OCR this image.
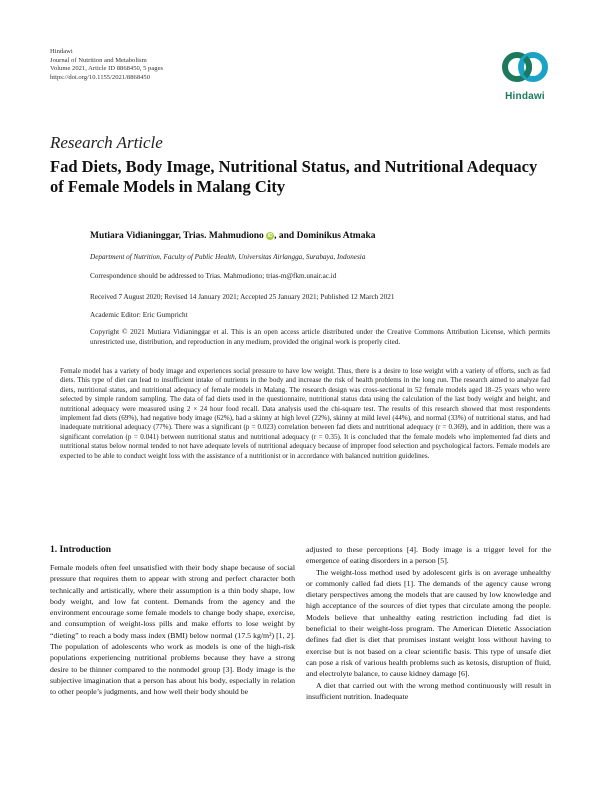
Hindawi
Journal of Nutrition and Metabolism
Volume 2021, Article ID 8868450, 5 pages
https://doi.org/10.1155/2021/8868450
Hindawi
Research Article
Fad Diets, Body Image, Nutritional Status, and Nutritional Adequacy of Female Models in Malang City
Mutiara Vidianinggar, Trias. Mahmudiono iD , and Dominikus Atmaka
Department of Nutrition, Faculty of Public Health, Universitas Airlangga, Surabaya, Indonesia
Correspondence should be addressed to Trias. Mahmudiono; trias-m@fkm.unair.ac.id
Received 7 August 2020; Revised 14 January 2021; Accepted 25 January 2021; Published 12 March 2021
Academic Editor: Eric Gumpricht
Copyright © 2021 Mutiara Vidianinggar et al. This is an open access article distributed under the Creative Commons Attribution License, which permits unrestricted use, distribution, and reproduction in any medium, provided the original work is properly cited.
Female model has a variety of body image and experiences social pressure to have low weight. Thus, there is a desire to lose weight with a variety of efforts, such as fad diets. This type of diet can lead to insufficient intake of nutrients in the body and increase the risk of health problems in the long run. The research aimed to analyze fad diets, nutritional status, and nutritional adequacy of female models in Malang. The research design was cross-sectional in 52 female models aged 18–25 years who were selected by simple random sampling. The data of fad diets used in the questionnaire, nutritional status data using the calculation of the last body weight and height, and nutritional adequacy were measured using 2 × 24 hour food recall. Data analysis used the chi-square test. The results of this research showed that most respondents implement fad diets (69%), had negative body image (62%), had a skinny at high level (22%), skinny at mild level (44%), and normal (33%) of nutritional status, and had inadequate nutritional adequacy (77%). There was a significant (p = 0.023) correlation between fad diets and nutritional adequacy (r = 0.369), and in addition, there was a significant correlation (p = 0.041) between nutritional status and nutritional adequacy (r = 0.35). It is concluded that the female models who implemented fad diets and nutritional status below normal tended to not have adequate levels of nutritional adequacy because of improper food selection and psychological factors. Female models are expected to be able to conduct weight loss with the assistance of a nutritionist or in accordance with balanced nutrition guidelines.
1. Introduction

Female models often feel unsatisfied with their body shape because of social pressure that requires them to appear with strong and perfect character both technically and artistically, where their assumption is a thin body shape, low body weight, and low fat content. Demands from the agency and the environment encourage some female models to change body shape, exercise, and consumption of weight-loss pills and make efforts to lose weight by “dieting” to reach a body mass index (BMI) below normal (17.5 kg/m²) [1, 2]. The population of adolescents who work as models is one of the high-risk populations experiencing nutritional problems because they have a strong desire to be thinner compared to the nonmodel group [3]. Body image is the subjective imagination that a person has about his body, especially in relation to other people’s judgments, and how well their body should be

adjusted to these perceptions [4]. Body image is a trigger level for the emergence of eating disorders in a person [5].

The weight-loss method used by adolescent girls is on average unhealthy or commonly called fad diets [1]. The demands of the agency cause wrong dietary perspectives among the models that are caused by low knowledge and high acceptance of the sources of diet types that circulate among the people. Models believe that unhealthy eating restriction including fad diet is beneficial to their weight-loss program. The American Dietetic Association defines fad diet is diet that promises instant weight loss without having to exercise but is not based on a clear scientific basis. This type of unsafe diet can pose a risk of various health problems such as ketosis, disruption of fluid, and electrolyte balance, to cause kidney damage [6].

A diet that carried out with the wrong method continuously will result in insufficient nutrition. Inadequate
